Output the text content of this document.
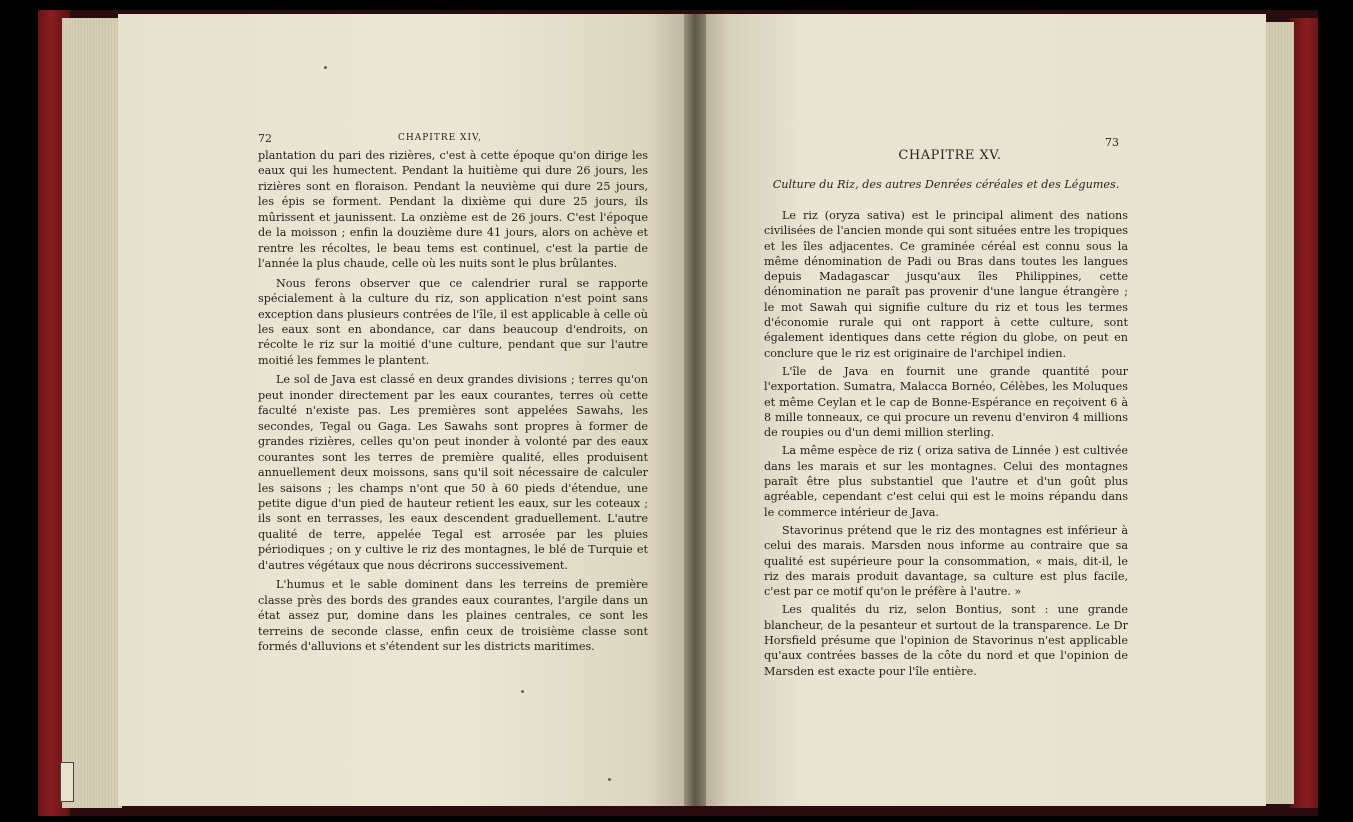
72	CHAPITRE XIV,

plantation du pari des rizières, c'est à cette époque qu'on dirige les eaux qui les humectent. Pendant la huitième qui dure 26 jours, les rizières sont en floraison. Pendant la neuvième qui dure 25 jours, les épis se forment. Pendant la dixième qui dure 25 jours, ils mûrissent et jaunissent. La onzième est de 26 jours. C'est l'époque de la moisson ; enfin la douzième dure 41 jours, alors on achève et rentre les récoltes, le beau tems est continuel, c'est la partie de l'année la plus chaude, celle où les nuits sont le plus brûlantes.

Nous ferons observer que ce calendrier rural se rapporte spécialement à la culture du riz, son application n'est point sans exception dans plusieurs contrées de l'île, il est applicable à celle où les eaux sont en abondance, car dans beaucoup d'endroits, on récolte le riz sur la moitié d'une culture, pendant que sur l'autre moitié les femmes le plantent.

Le sol de Java est classé en deux grandes divisions ; terres qu'on peut inonder directement par les eaux courantes, terres où cette faculté n'existe pas. Les premières sont appelées Sawahs, les secondes, Tegal ou Gaga. Les Sawahs sont propres à former de grandes rizières, celles qu'on peut inonder à volonté par des eaux courantes sont les terres de première qualité, elles produisent annuellement deux moissons, sans qu'il soit nécessaire de calculer les saisons ; les champs n'ont que 50 à 60 pieds d'étendue, une petite digue d'un pied de hauteur retient les eaux, sur les coteaux ; ils sont en terrasses, les eaux descendent graduellement. L'autre qualité de terre, appelée Tegal est arrosée par les pluies périodiques ; on y cultive le riz des montagnes, le blé de Turquie et d'autres végétaux que nous décrirons successivement.

L'humus et le sable dominent dans les terreins de première classe près des bords des grandes eaux courantes, l'argile dans un état assez pur, domine dans les plaines centrales, ce sont les terreins de seconde classe, enfin ceux de troisième classe sont formés d'alluvions et s'étendent sur les districts maritimes.

73
CHAPITRE XV.
Culture du Riz, des autres Denrées céréales et des Légumes.

Le riz (oryza sativa) est le principal aliment des nations civilisées de l'ancien monde qui sont situées entre les tropiques et les îles adjacentes. Ce graminée céréal est connu sous la même dénomination de Padi ou Bras dans toutes les langues depuis Madagascar jusqu'aux îles Philippines, cette dénomination ne paraît pas provenir d'une langue étrangère ; le mot Sawah qui signifie culture du riz et tous les termes d'économie rurale qui ont rapport à cette culture, sont également identiques dans cette région du globe, on peut en conclure que le riz est originaire de l'archipel indien.

L'île de Java en fournit une grande quantité pour l'exportation. Sumatra, Malacca Bornéo, Célèbes, les Moluques et même Ceylan et le cap de Bonne-Espérance en reçoivent 6 à 8 mille tonneaux, ce qui procure un revenu d'environ 4 millions de roupies ou d'un demi million sterling.

La même espèce de riz ( oriza sativa de Linnée ) est cultivée dans les marais et sur les montagnes. Celui des montagnes paraît être plus substantiel que l'autre et d'un goût plus agréable, cependant c'est celui qui est le moins répandu dans le commerce intérieur de Java.

Stavorinus prétend que le riz des montagnes est inférieur à celui des marais. Marsden nous informe au contraire que sa qualité est supérieure pour la consommation, « mais, dit-il, le riz des marais produit davantage, sa culture est plus facile, c'est par ce motif qu'on le préfère à l'autre. »

Les qualités du riz, selon Bontius, sont : une grande blancheur, de la pesanteur et surtout de la transparence. Le Dr Horsfield présume que l'opinion de Stavorinus n'est applicable qu'aux contrées basses de la côte du nord et que l'opinion de Marsden est exacte pour l'île entière.
